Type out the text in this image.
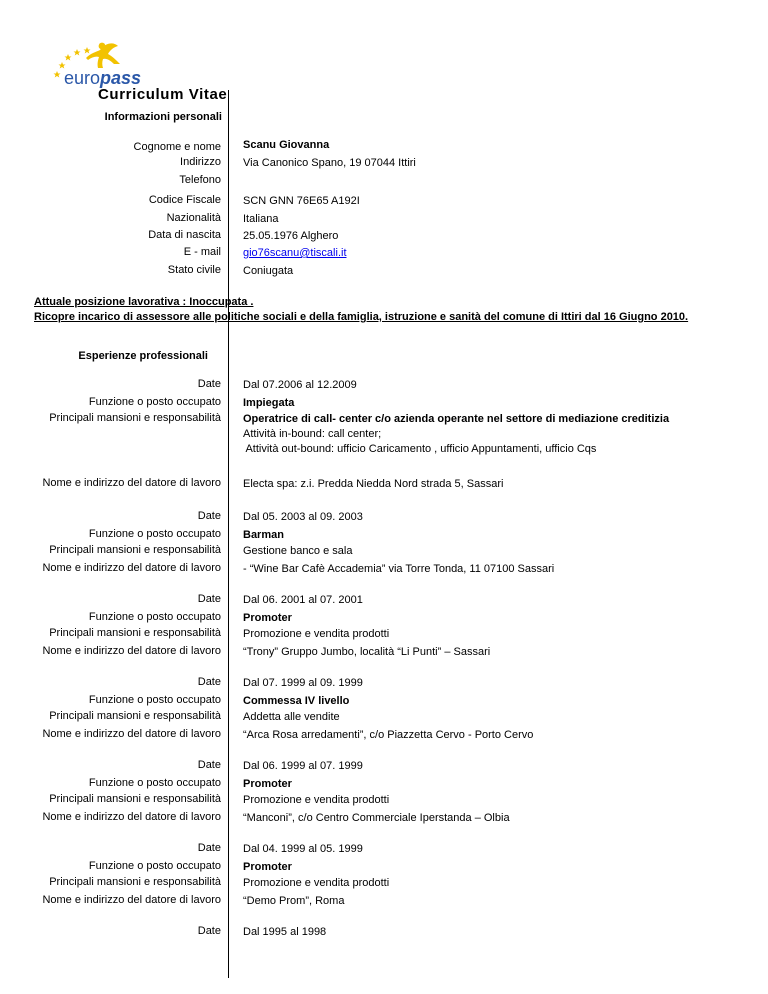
europass
Curriculum Vitae
Informazioni personali
Cognome e nome Scanu Giovanna
Indirizzo Via Canonico Spano, 19 07044 Ittiri
Telefono
Codice Fiscale SCN GNN 76E65 A192I
Nazionalità Italiana
Data di nascita 25.05.1976 Alghero
E - mail gio76scanu@tiscali.it
Stato civile Coniugata
Attuale posizione lavorativa : Inoccupata .
Ricopre incarico di assessore alle politiche sociali e della famiglia, istruzione e sanità del comune di Ittiri dal 16 Giugno 2010.
Esperienze professionali
Date Dal 07.2006 al 12.2009
Funzione o posto occupato Impiegata
Principali mansioni e responsabilità Operatrice di call- center c/o azienda operante nel settore di mediazione creditizia
Attività in-bound: call center;
Attività out-bound: ufficio Caricamento , ufficio Appuntamenti, ufficio Cqs
Nome e indirizzo del datore di lavoro Electa spa: z.i. Predda Niedda Nord strada 5, Sassari
Date Dal 05. 2003 al 09. 2003
Funzione o posto occupato Barman
Principali mansioni e responsabilità Gestione banco e sala
Nome e indirizzo del datore di lavoro - “Wine Bar Cafè Accademia” via Torre Tonda, 11 07100 Sassari
Date Dal 06. 2001 al 07. 2001
Funzione o posto occupato Promoter
Principali mansioni e responsabilità Promozione e vendita prodotti
Nome e indirizzo del datore di lavoro “Trony” Gruppo Jumbo, località “Li Punti” – Sassari
Date Dal 07. 1999 al 09. 1999
Funzione o posto occupato Commessa IV livello
Principali mansioni e responsabilità Addetta alle vendite
Nome e indirizzo del datore di lavoro “Arca Rosa arredamenti”, c/o Piazzetta Cervo - Porto Cervo
Date Dal 06. 1999 al 07. 1999
Funzione o posto occupato Promoter
Principali mansioni e responsabilità Promozione e vendita prodotti
Nome e indirizzo del datore di lavoro “Manconi”, c/o Centro Commerciale Iperstanda – Olbia
Date Dal 04. 1999 al 05. 1999
Funzione o posto occupato Promoter
Principali mansioni e responsabilità Promozione e vendita prodotti
Nome e indirizzo del datore di lavoro “Demo Prom”, Roma
Date Dal 1995 al 1998
